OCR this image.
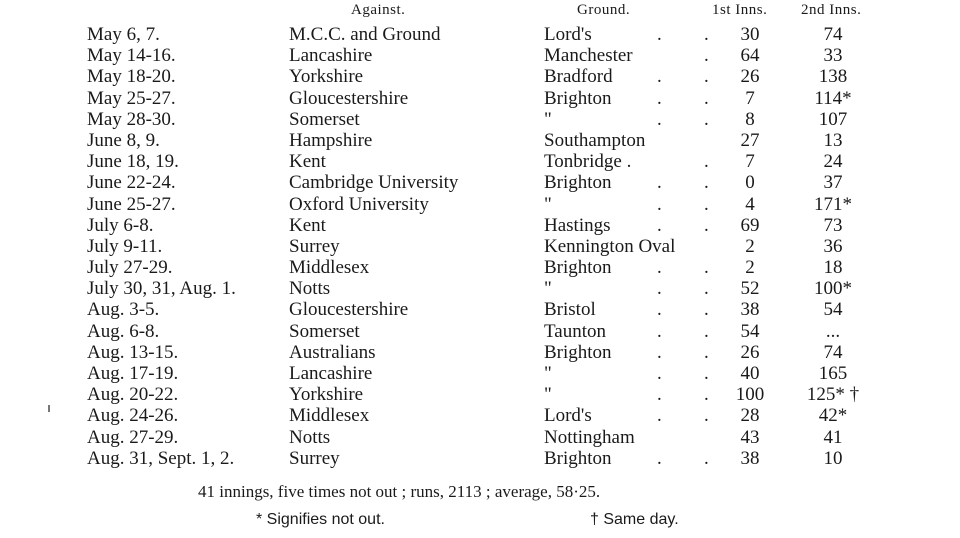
Against.	Ground.	1st Inns. 2nd Inns.
May 6, 7.	M.C.C. and Ground	Lord's	. .	30	74
May 14-16.	Lancashire	Manchester	.	64	33
May 18-20.	Yorkshire	Bradford . .	26	138
May 25-27.	Gloucestershire	Brighton . .	7	114*
May 28-30.	Somerset	"	. .	8	107
June 8, 9.	Hampshire	Southampton	27	13
June 18, 19.	Kent	Tonbridge .	.	7	24
June 22-24.	Cambridge University	Brighton . .	0	37
June 25-27.	Oxford University	"	. .	4	171*
July 6-8.	Kent	Hastings . .	69	73
July 9-11.	Surrey	Kennington Oval	2	36
July 27-29.	Middlesex	Brighton . .	2	18
July 30, 31, Aug. 1.	Notts	"	. .	52	100*
Aug. 3-5.	Gloucestershire	Bristol	. .	38	54
Aug. 6-8.	Somerset	Taunton	. .	54	...
Aug. 13-15.	Australians	Brighton . .	26	74
Aug. 17-19.	Lancashire	"	. .	40	165
Aug. 20-22.	Yorkshire	"	. .	100	125* †
Aug. 24-26.	Middlesex	Lord's	. .	28	42*
Aug. 27-29.	Notts	Nottingham	43	41
Aug. 31, Sept. 1, 2.	Surrey	Brighton . .	38	10
41 innings, five times not out ; runs, 2113 ; average, 58·25.
* Signifies not out.	† Same day.
